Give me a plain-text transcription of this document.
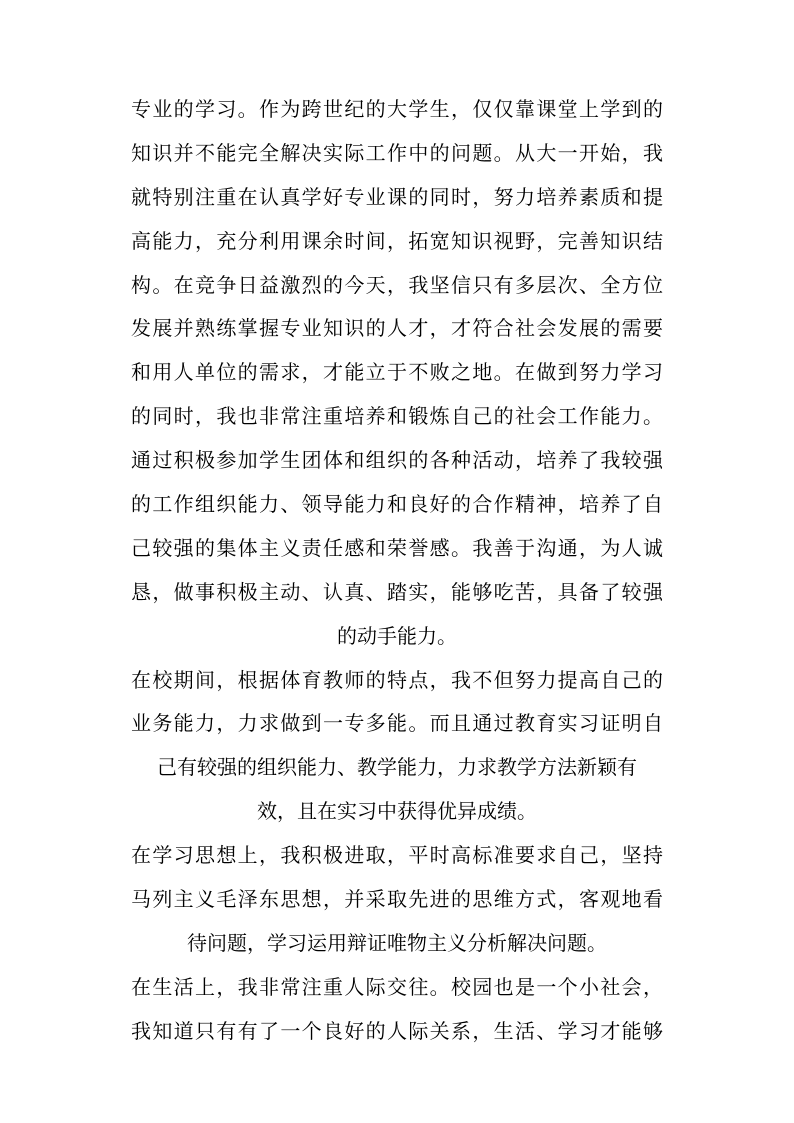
专业的学习。作为跨世纪的大学生，仅仅靠课堂上学到的
知识并不能完全解决实际工作中的问题。从大一开始，我
就特别注重在认真学好专业课的同时，努力培养素质和提
高能力，充分利用课余时间，拓宽知识视野，完善知识结
构。在竞争日益激烈的今天，我坚信只有多层次、全方位
发展并熟练掌握专业知识的人才，才符合社会发展的需要
和用人单位的需求，才能立于不败之地。在做到努力学习
的同时，我也非常注重培养和锻炼自己的社会工作能力。
通过积极参加学生团体和组织的各种活动，培养了我较强
的工作组织能力、领导能力和良好的合作精神，培养了自
己较强的集体主义责任感和荣誉感。我善于沟通，为人诚
恳，做事积极主动、认真、踏实，能够吃苦，具备了较强
的动手能力。
在校期间，根据体育教师的特点，我不但努力提高自己的
业务能力，力求做到一专多能。而且通过教育实习证明自
己有较强的组织能力、教学能力，力求教学方法新颖有
效，且在实习中获得优异成绩。
在学习思想上，我积极进取，平时高标准要求自己，坚持
马列主义毛泽东思想，并采取先进的思维方式，客观地看
待问题，学习运用辩证唯物主义分析解决问题。
在生活上，我非常注重人际交往。校园也是一个小社会，
我知道只有有了一个良好的人际关系，生活、学习才能够
